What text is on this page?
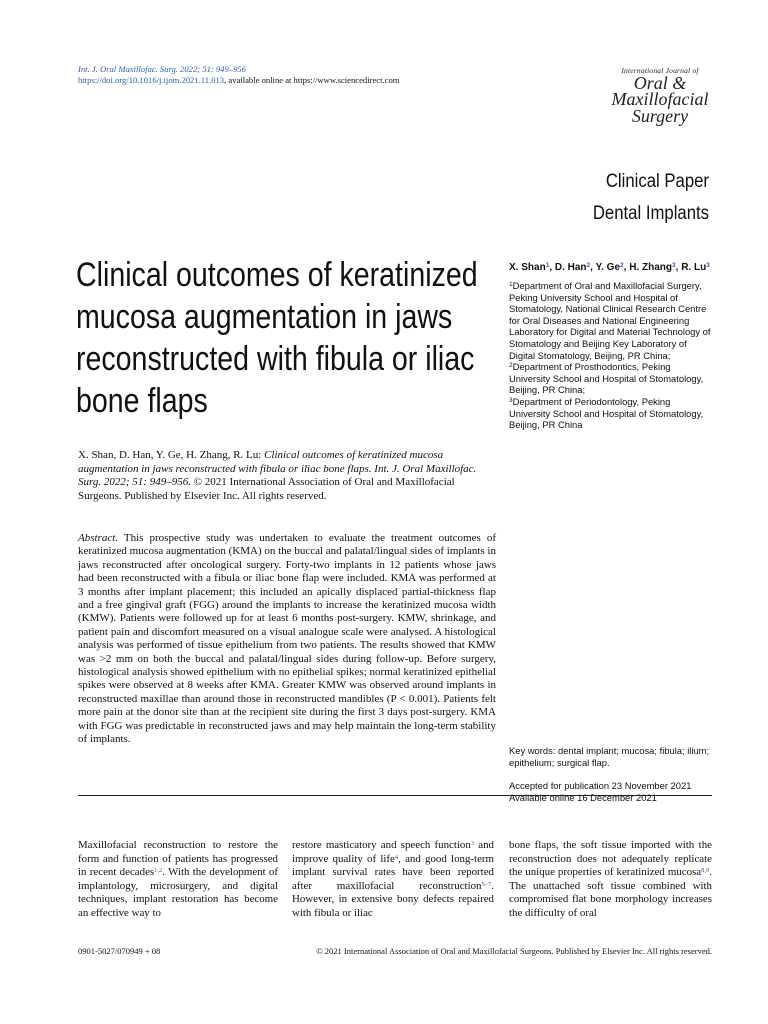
Int. J. Oral Maxillofac. Surg. 2022; 51: 949–956
https://doi.org/10.1016/j.ijom.2021.11.013, available online at https://www.sciencedirect.com
International Journal of
Oral &
Maxillofacial
Surgery
Clinical Paper
Dental Implants
Clinical outcomes of keratinized mucosa augmentation in jaws reconstructed with fibula or iliac bone flaps
X. Shan$^1$, D. Han$^2$, Y. Ge$^2$, H. Zhang$^3$, R. Lu$^3$
$^1$Department of Oral and Maxillofacial Surgery, Peking University School and Hospital of Stomatology, National Clinical Research Centre for Oral Diseases and National Engineering Laboratory for Digital and Material Technology of Stomatology and Beijing Key Laboratory of Digital Stomatology, Beijing, PR China; $^2$Department of Prosthodontics, Peking University School and Hospital of Stomatology, Beijing, PR China;
$^3$Department of Periodontology, Peking University School and Hospital of Stomatology, Beijing, PR China
X. Shan, D. Han, Y. Ge, H. Zhang, R. Lu: Clinical outcomes of keratinized mucosa augmentation in jaws reconstructed with fibula or iliac bone flaps. Int. J. Oral Maxillofac. Surg. 2022; 51: 949–956. © 2021 International Association of Oral and Maxillofacial Surgeons. Published by Elsevier Inc. All rights reserved.
Abstract. This prospective study was undertaken to evaluate the treatment outcomes of keratinized mucosa augmentation (KMA) on the buccal and palatal/lingual sides of implants in jaws reconstructed after oncological surgery. Forty-two implants in 12 patients whose jaws had been reconstructed with a fibula or iliac bone flap were included. KMA was performed at 3 months after implant placement; this included an apically displaced partial-thickness flap and a free gingival graft (FGG) around the implants to increase the keratinized mucosa width (KMW). Patients were followed up for at least 6 months post-surgery. KMW, shrinkage, and patient pain and discomfort measured on a visual analogue scale were analysed. A histological analysis was performed of tissue epithelium from two patients. The results showed that KMW was >2 mm on both the buccal and palatal/lingual sides during follow-up. Before surgery, histological analysis showed epithelium with no epithelial spikes; normal keratinized epithelial spikes were observed at 8 weeks after KMA. Greater KMW was observed around implants in reconstructed maxillae than around those in reconstructed mandibles (P < 0.001). Patients felt more pain at the donor site than at the recipient site during the first 3 days post-surgery. KMA with FGG was predictable in reconstructed jaws and may help maintain the long-term stability of implants.
Key words: dental implant; mucosa; fibula; ilium; epithelium; surgical flap.
Accepted for publication 23 November 2021
Available online 16 December 2021
Maxillofacial reconstruction to restore the form and function of patients has progressed in recent decades$^{1,2}$. With the development of implantology, microsurgery, and digital techniques, implant restoration has become an effective way to
restore masticatory and speech function$^3$ and improve quality of life$^4$, and good long-term implant survival rates have been reported after maxillofacial reconstruction$^{5-7}$. However, in extensive bony defects repaired with fibula or iliac
bone flaps, the soft tissue imported with the reconstruction does not adequately replicate the unique properties of keratinized mucosa$^{8,9}$. The unattached soft tissue combined with compromised flat bone morphology increases the difficulty of oral
0901-5027/070949 + 08	© 2021 International Association of Oral and Maxillofacial Surgeons. Published by Elsevier Inc. All rights reserved.
